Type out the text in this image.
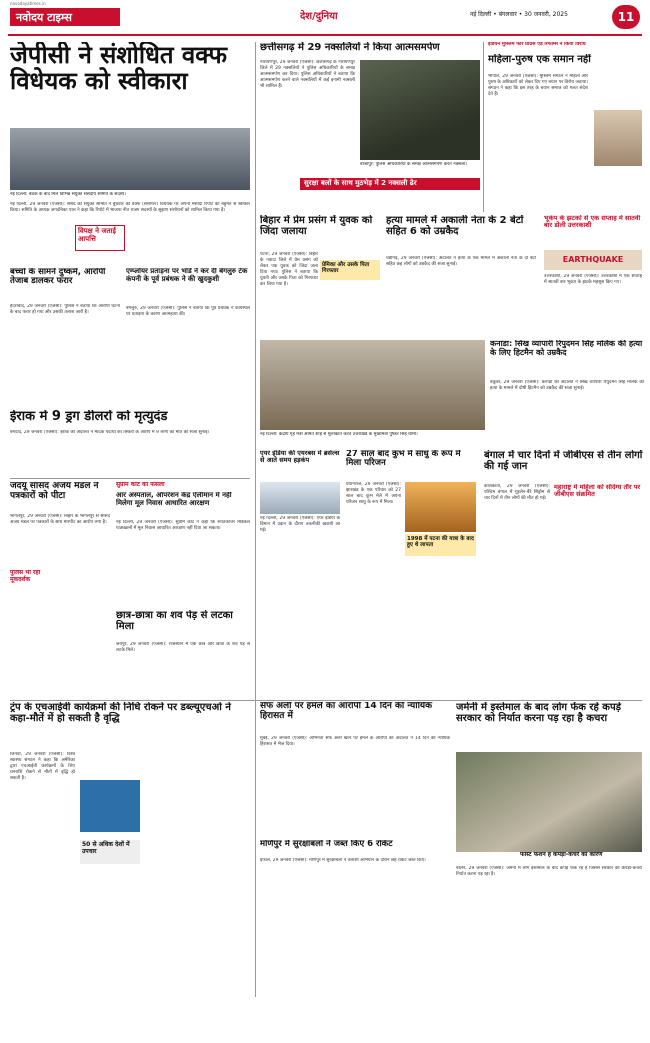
नवोदय टाइम्स	देश/दुनिया	नई दिल्ली • बंगलवार • 30 जनवरी, 2025	11
navodayatimes.in
जेपीसी ने संशोधित वक्फ विधेयक को स्वीकारा
नई दिल्ली: बैठक के बाद मिले विभिन्न संयुक्त संसदीय समिति के सदस्य।
नई दिल्ली, 29 जनवरी (एजेंसी): संसद की संयुक्त समिति ने बुधवार को वक्फ (संशोधन) विधेयक पर अपनी मसौदा रिपोर्ट को बहुमत से स्वीकार किया। समिति के अध्यक्ष जगदंबिका पाल ने कहा कि रिपोर्ट में भाजपा नीत राजग सदस्यों के सुझाए संशोधनों को शामिल किया गया है।
विपक्ष ने जताई आपत्ति
बच्चों के सामने दुष्कर्म, आरोपी तेजाब डालकर फरार
हैदराबाद, 29 जनवरी (एजेंसी): पुलिस ने बताया कि आरोपी घटना के बाद फरार हो गया और उसकी तलाश जारी है।
एम्प्लॉयर प्रताड़ना पर भोंडे ने कर दी बेंगलुरु टेक कंपनी के पूर्व प्रबंधक ने की खुदकुशी
बेंगलुरु, 29 जनवरी (एजेंसी): पुलिस ने बताया कि पूर्व प्रबंधक ने कार्यस्थल पर प्रताड़ना के कारण आत्महत्या की।
ईराक में 9 ड्रग डीलरों को मृत्युदंड
बगदाद, 29 जनवरी (एजेंसी): इराक की अदालत ने मादक पदार्थों की तस्करी के आरोप में 9 लोगों को मौत की सजा सुनाई।
जदयू सांसद अजय मंडल ने पत्रकारों को पीटा
पुलिस भी रही मूकदर्शक
भागलपुर, 29 जनवरी (एजेंसी): बिहार के भागलपुर से सांसद अजय मंडल पर पत्रकारों के साथ मारपीट का आरोप लगा है।
सुप्रीम कोर्ट का फैसला
आर अस्पताल, ऑपरेशन केंद्र ऐलीमान में नहीं मिलेगा मूल निवास आधारित आरक्षण
नई दिल्ली, 29 जनवरी (एजेंसी): सुप्रीम कोर्ट ने कहा कि स्नातकोत्तर मेडिकल पाठ्यक्रमों में मूल निवास आधारित आरक्षण नहीं दिया जा सकता।
छात्र-छात्रा का शव पेड़ से लटका मिला
जयपुर, 29 जनवरी (एजेंसी): राजस्थान में एक छात्र और छात्रा के शव पेड़ से लटके मिले।
छत्तीसगढ़ में 29 नक्सलियों ने किया आत्मसमर्पण
नारायणपुर, 29 जनवरी (एजेंसी): छत्तीसगढ़ के नारायणपुर जिले में 29 नक्सलियों ने पुलिस अधिकारियों के समक्ष आत्मसमर्पण कर दिया। पुलिस अधिकारियों ने बताया कि आत्मसमर्पण करने वाले नक्सलियों में कई इनामी नक्सली भी शामिल हैं।
बीजापुर: पुलिस अधिकारियों के समक्ष आत्मसमर्पण करते नक्सली।
सुरक्षा बलों के साथ मुठभेड़ में 2 नक्सली ढेर
इंडियन मुस्लिम फॉर प्रोग्रेस एंड रिफॉर्म्स ने किया विरोध
महिला-पुरुष एक समान नहीं
भोपाल, 29 जनवरी (एजेंसी): मुस्लिम संगठन ने महिला और पुरुष के अधिकारों को लेकर दिए गए बयान पर विरोध जताया। संगठन ने कहा कि इस तरह के बयान समाज को गलत संदेश देते हैं।
बिहार में प्रेम प्रसंग में युवक को जिंदा जलाया
प्रेमिका और उसके पिता गिरफ्तार
पटना, 29 जनवरी (एजेंसी): बिहार के नवादा जिले में प्रेम प्रसंग को लेकर एक युवक को जिंदा जला दिया गया। पुलिस ने बताया कि युवती और उसके पिता को गिरफ्तार कर लिया गया है।
हत्या मामले में अकाली नेता के 2 बेटों सहित 6 को उम्रकैद
चंडीगढ़, 29 जनवरी (एजेंसी): अदालत ने हत्या के एक मामले में अकाली नेता के दो बेटों सहित छह लोगों को उम्रकैद की सजा सुनाई।
भूकंप के झटकों से एक सप्ताह में सातवीं बार डोली उत्तरकाशी
EARTHQUAKE
उत्तरकाशी, 29 जनवरी (एजेंसी): उत्तरकाशी में एक सप्ताह में सातवीं बार भूकंप के झटके महसूस किए गए।
नई दिल्ली: केंद्रीय गृह मंत्री अमित शाह से मुलाकात करते उत्तराखंड के मुख्यमंत्री पुष्कर सिंह धामी।
कनाडा: सिख व्यापारी रिपुदमन सिंह मलिक की हत्या के लिए हिटमैन को उम्रकैद
वैंकूवर, 29 जनवरी (एजेंसी): कनाडा की अदालत ने सिख व्यापारी रिपुदमन सिंह मलिक की हत्या के मामले में दोषी हिटमैन को उम्रकैद की सजा सुनाई।
एयर इंडिया की एयरबस में ब्रसेल्स से आते समय हड़कंप
नई दिल्ली, 29 जनवरी (एजेंसी): एयर इंडिया के विमान में उड़ान के दौरान तकनीकी खराबी आ गई।
27 साल बाद कुंभ में साधु के रूप में मिला परिजन
प्रयागराज, 29 जनवरी (एजेंसी): झारखंड के एक परिवार को 27 साल बाद कुंभ मेले में अपना परिजन साधु के रूप में मिला।
1998 में पटना की यात्रा के बाद हुए थे लापता
बंगाल में चार दिनों में जीबीएस से तीन लोगों की गई जान
महाराष्ट्र में महिला को संदिग्ध तौर पर जीबीएस संक्रमित
कोलकाता, 29 जनवरी (एजेंसी): पश्चिम बंगाल में गुइलेन-बैरे सिंड्रोम से चार दिनों में तीन लोगों की मौत हो गई।
ट्रंप के एचआईवी कार्यक्रमों की निधि रोकने पर डब्ल्यूएचओ ने कहा-मौतें में हो सकती है वृद्धि
जिनेवा, 29 जनवरी (एजेंसी): विश्व स्वास्थ्य संगठन ने कहा कि अमेरिका द्वारा एचआईवी कार्यक्रमों के लिए धनराशि रोकने से मौतों में वृद्धि हो सकती है।
50 से अधिक देशों में उपचार
सैफ अली पर हमले का आरोपी 14 दिन की न्यायिक हिरासत में
मुंबई, 29 जनवरी (एजेंसी): अभिनेता सैफ अली खान पर हमले के आरोपी को अदालत ने 14 दिन की न्यायिक हिरासत में भेज दिया।
मणिपुर में सुरक्षाबलों ने जब्त किए 6 रॉकेट
इंफाल, 29 जनवरी (एजेंसी): मणिपुर में सुरक्षाबलों ने तलाशी अभियान के दौरान छह रॉकेट जब्त किए।
जर्मनी में इस्तेमाल के बाद लोग फेंक रहे कपड़े सरकार को निर्यात करना पड़ रहा है कचरा
फास्ट फैशन है कपड़ा-कचरे का कारण
बर्लिन, 29 जनवरी (एजेंसी): जर्मनी में लोग इस्तेमाल के बाद कपड़े फेंक रहे हैं जिससे सरकार को कपड़ा-कचरा निर्यात करना पड़ रहा है।
